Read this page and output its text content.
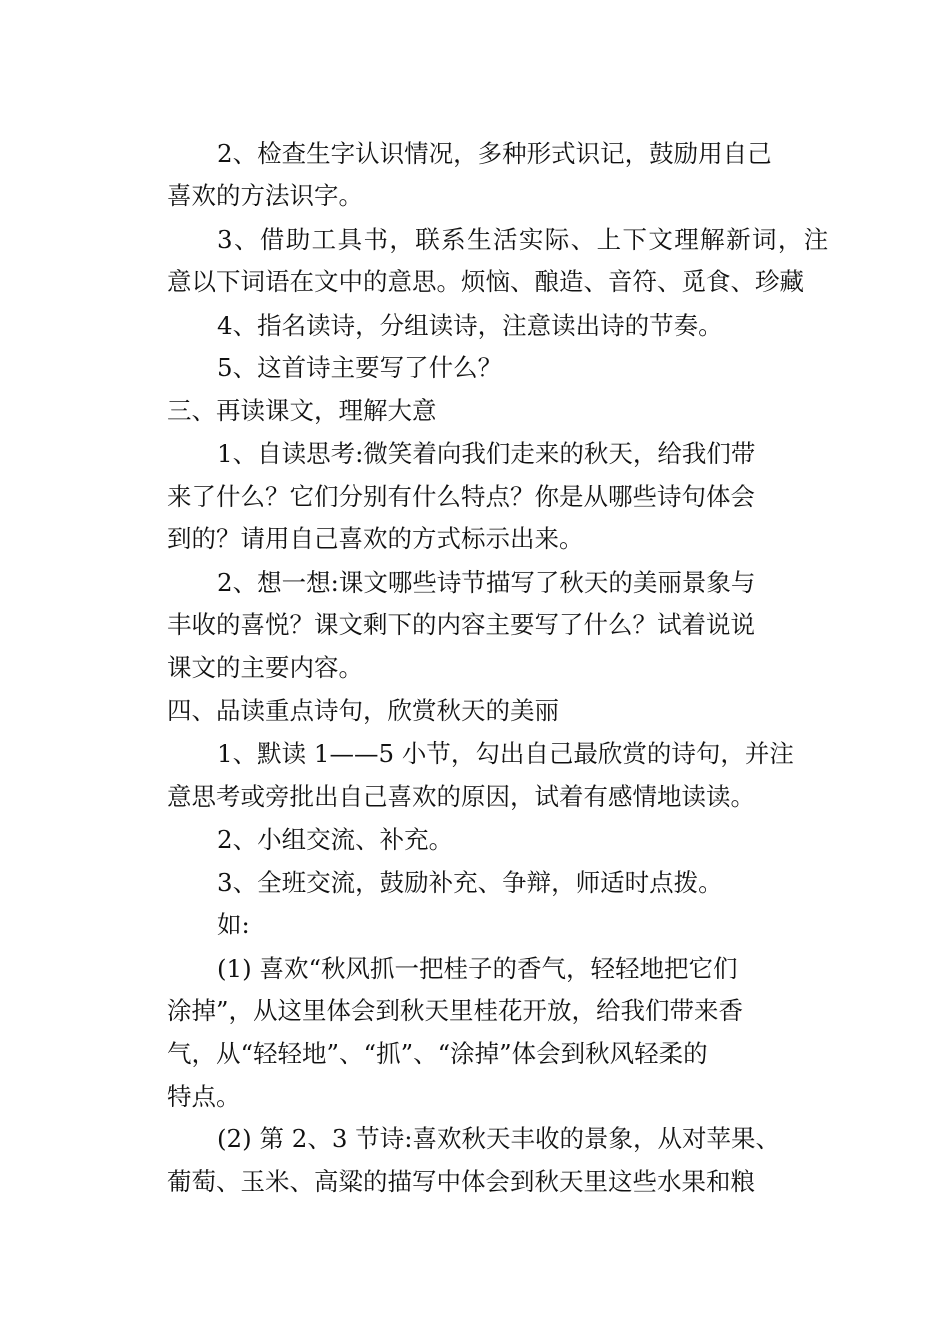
2、检查生字认识情况，多种形式识记，鼓励用自己
喜欢的方法识字。
3、借助工具书，联系生活实际、上下文理解新词，注
意以下词语在文中的意思。烦恼、酿造、音符、觅食、珍藏
4、指名读诗，分组读诗，注意读出诗的节奏。
5、这首诗主要写了什么？
三、再读课文，理解大意
1、自读思考:微笑着向我们走来的秋天，给我们带
来了什么？它们分别有什么特点？你是从哪些诗句体会
到的？请用自己喜欢的方式标示出来。
2、想一想:课文哪些诗节描写了秋天的美丽景象与
丰收的喜悦？课文剩下的内容主要写了什么？试着说说
课文的主要内容。
四、品读重点诗句，欣赏秋天的美丽
1、默读 1——5 小节，勾出自己最欣赏的诗句，并注
意思考或旁批出自己喜欢的原因，试着有感情地读读。
2、小组交流、补充。
3、全班交流，鼓励补充、争辩，师适时点拨。
如:
(1) 喜欢“秋风抓一把桂子的香气，轻轻地把它们
涂掉”，从这里体会到秋天里桂花开放，给我们带来香
气，从“轻轻地”、“抓”、“涂掉”体会到秋风轻柔的
特点。
(2) 第 2、3 节诗:喜欢秋天丰收的景象，从对苹果、
葡萄、玉米、高粱的描写中体会到秋天里这些水果和粮
